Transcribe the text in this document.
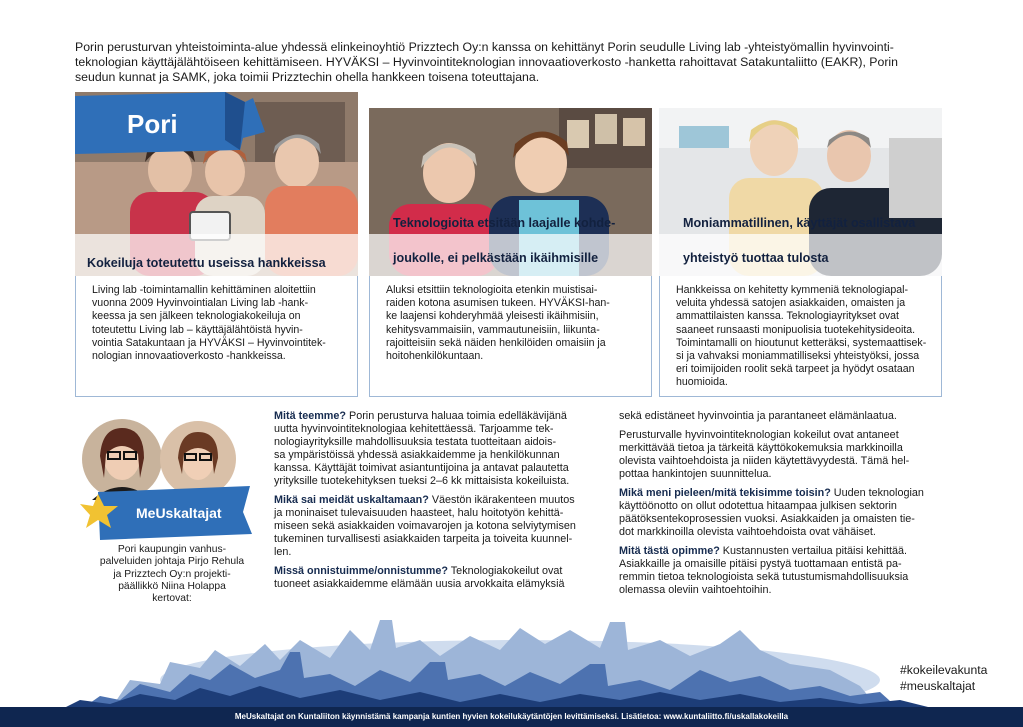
Porin perusturvan yhteistoiminta-alue yhdessä elinkeinoyhtiö Prizztech Oy:n kanssa on kehittänyt Porin seudulle Living lab -yhteistyömallin hyvinvointi-
teknologian käyttäjälähtöiseen kehittämiseen. HYVÄKSI – Hyvinvointiteknologian innovaatioverkosto -hanketta rahoittavat Satakuntaliitto (EAKR), Porin
seudun kunnat ja SAMK, joka toimii Prizztechin ohella hankkeen toisena toteuttajana.
Pori
Kokeiluja toteutettu useissa hankkeissa

Living lab -toimintamallin kehittäminen aloitettiin
vuonna 2009 Hyvinvointialan Living lab -hank-
keessa ja sen jälkeen teknologiakokeiluja on
toteutettu Living lab – käyttäjälähtöistä hyvin-
vointia Satakuntaan ja HYVÄKSI – Hyvinvointitek-
nologian innovaatioverkosto -hankkeissa.

Teknologioita etsitään laajalle kohde-

joukolle, ei pelkästään ikäihmisille

Aluksi etsittiin teknologioita etenkin muistisai-
raiden kotona asumisen tukeen. HYVÄKSI-han-
ke laajensi kohderyhmää yleisesti ikäihmisiin,
kehitysvammaisiin, vammautuneisiin, liikunta-
rajoitteisiin sekä näiden henkilöiden omaisiin ja
hoitohenkilökuntaan.

Moniammatillinen, käyttäjät osallistava

yhteistyö tuottaa tulosta

Hankkeissa on kehitetty kymmeniä teknologiapal-
veluita yhdessä satojen asiakkaiden, omaisten ja
ammattilaisten kanssa. Teknologiayritykset ovat
saaneet runsaasti monipuolisia tuotekehitysideoita.
Toimintamalli on hioutunut ketteräksi, systemaattisek-
si ja vahvaksi moniammatilliseksi yhteistyöksi, jossa
eri toimijoiden roolit sekä tarpeet ja hyödyt osataan
huomioida.

MeUskaltajat
Pori kaupungin vanhus-
palveluiden johtaja Pirjo Rehula
ja Prizztech Oy:n projekti-
päällikkö Niina Holappa
kertovat:

Mitä teemme? Porin perusturva haluaa toimia edelläkävijänä
uutta hyvinvointiteknologiaa kehitettäessä. Tarjoamme tek-
nologiayrityksille mahdollisuuksia testata tuotteitaan aidois-
sa ympäristöissä yhdessä asiakkaidemme ja henkilökunnan
kanssa. Käyttäjät toimivat asiantuntijoina ja antavat palautetta
yrityksille tuotekehityksen tueksi 2–6 kk mittaisista kokeiluista.

Mikä sai meidät uskaltamaan? Väestön ikärakenteen muutos
ja moninaiset tulevaisuuden haasteet, halu hoitotyön kehittä-
miseen sekä asiakkaiden voimavarojen ja kotona selviytymisen
tukeminen turvallisesti asiakkaiden tarpeita ja toiveita kuunnel-
len.

Missä onnistuimme/onnistumme? Teknologiakokeilut ovat
tuoneet asiakkaidemme elämään uusia arvokkaita elämyksiä

sekä edistäneet hyvinvointia ja parantaneet elämänlaatua.

Perusturvalle hyvinvointiteknologian kokeilut ovat antaneet
merkittävää tietoa ja tärkeitä käyttökokemuksia markkinoilla
olevista vaihtoehdoista ja niiden käytettävyydestä. Tämä hel-
pottaa hankintojen suunnittelua.

Mikä meni pieleen/mitä tekisimme toisin? Uuden teknologian
käyttöönotto on ollut odotettua hitaampaa julkisen sektorin
päätöksentekoprosessien vuoksi. Asiakkaiden ja omaisten tie-
dot markkinoilla olevista vaihtoehdoista ovat vähäiset.

Mitä tästä opimme? Kustannusten vertailua pitäisi kehittää.
Asiakkaille ja omaisille pitäisi pystyä tuottamaan entistä pa-
remmin tietoa teknologioista sekä tutustumismahdollisuuksia
olemassa oleviin vaihtoehtoihin.

#kokeilevakunta
#meuskaltajat
MeUskaltajat on Kuntaliiton käynnistämä kampanja kuntien hyvien kokeilukäytäntöjen levittämiseksi. Lisätietoa: www.kuntaliitto.fi/uskallakokeilla
